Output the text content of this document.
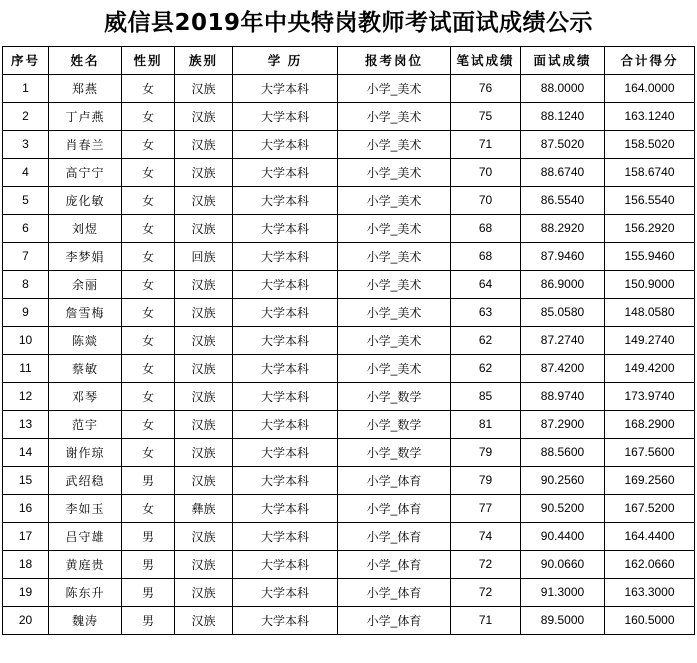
威信县2019年中央特岗教师考试面试成绩公示
序号	姓名	性别	族别	学 历	报考岗位	笔试成绩	面试成绩	合计得分
1	郑燕	女	汉族	大学本科	小学_美术	76	88.0000	164.0000
2	丁卢燕	女	汉族	大学本科	小学_美术	75	88.1240	163.1240
3	肖春兰	女	汉族	大学本科	小学_美术	71	87.5020	158.5020
4	高宁宁	女	汉族	大学本科	小学_美术	70	88.6740	158.6740
5	庞化敏	女	汉族	大学本科	小学_美术	70	86.5540	156.5540
6	刘煜	女	汉族	大学本科	小学_美术	68	88.2920	156.2920
7	李梦娟	女	回族	大学本科	小学_美术	68	87.9460	155.9460
8	余丽	女	汉族	大学本科	小学_美术	64	86.9000	150.9000
9	詹雪梅	女	汉族	大学本科	小学_美术	63	85.0580	148.0580
10	陈燚	女	汉族	大学本科	小学_美术	62	87.2740	149.2740
11	蔡敏	女	汉族	大学本科	小学_美术	62	87.4200	149.4200
12	邓琴	女	汉族	大学本科	小学_数学	85	88.9740	173.9740
13	范宇	女	汉族	大学本科	小学_数学	81	87.2900	168.2900
14	谢作琼	女	汉族	大学本科	小学_数学	79	88.5600	167.5600
15	武绍稳	男	汉族	大学本科	小学_体育	79	90.2560	169.2560
16	李如玉	女	彝族	大学本科	小学_体育	77	90.5200	167.5200
17	吕守雄	男	汉族	大学本科	小学_体育	74	90.4400	164.4400
18	黄庭贵	男	汉族	大学本科	小学_体育	72	90.0660	162.0660
19	陈东升	男	汉族	大学本科	小学_体育	72	91.3000	163.3000
20	魏涛	男	汉族	大学本科	小学_体育	71	89.5000	160.5000
